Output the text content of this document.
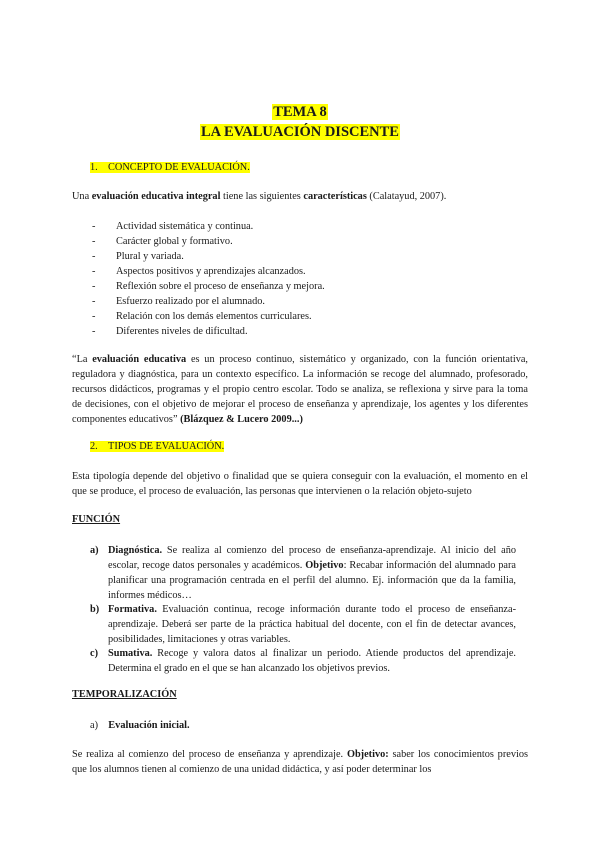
TEMA 8
LA EVALUACIÓN DISCENTE
1. CONCEPTO DE EVALUACIÓN.
Una evaluación educativa integral tiene las siguientes características (Calatayud, 2007).
- Actividad sistemática y continua.
- Carácter global y formativo.
- Plural y variada.
- Aspectos positivos y aprendizajes alcanzados.
- Reflexión sobre el proceso de enseñanza y mejora.
- Esfuerzo realizado por el alumnado.
- Relación con los demás elementos curriculares.
- Diferentes niveles de dificultad.
“La evaluación educativa es un proceso continuo, sistemático y organizado, con la función orientativa, reguladora y diagnóstica, para un contexto específico. La información se recoge del alumnado, profesorado, recursos didácticos, programas y el propio centro escolar. Todo se analiza, se reflexiona y sirve para la toma de decisiones, con el objetivo de mejorar el proceso de enseñanza y aprendizaje, los agentes y los diferentes componentes educativos” (Blázquez & Lucero 2009...)
2. TIPOS DE EVALUACIÓN.
Esta tipología depende del objetivo o finalidad que se quiera conseguir con la evaluación, el momento en el que se produce, el proceso de evaluación, las personas que intervienen o la relación objeto-sujeto
FUNCIÓN
a) Diagnóstica. Se realiza al comienzo del proceso de enseñanza-aprendizaje. Al inicio del año escolar, recoge datos personales y académicos. Objetivo: Recabar información del alumnado para planificar una programación centrada en el perfil del alumno. Ej. información que da la familia, informes médicos…
b) Formativa. Evaluación continua, recoge información durante todo el proceso de enseñanza-aprendizaje. Deberá ser parte de la práctica habitual del docente, con el fin de detectar avances, posibilidades, limitaciones y otras variables.
c) Sumativa. Recoge y valora datos al finalizar un periodo. Atiende productos del aprendizaje. Determina el grado en el que se han alcanzado los objetivos previos.
TEMPORALIZACIÓN
a) Evaluación inicial.
Se realiza al comienzo del proceso de enseñanza y aprendizaje. Objetivo: saber los conocimientos previos que los alumnos tienen al comienzo de una unidad didáctica, y así poder determinar los
